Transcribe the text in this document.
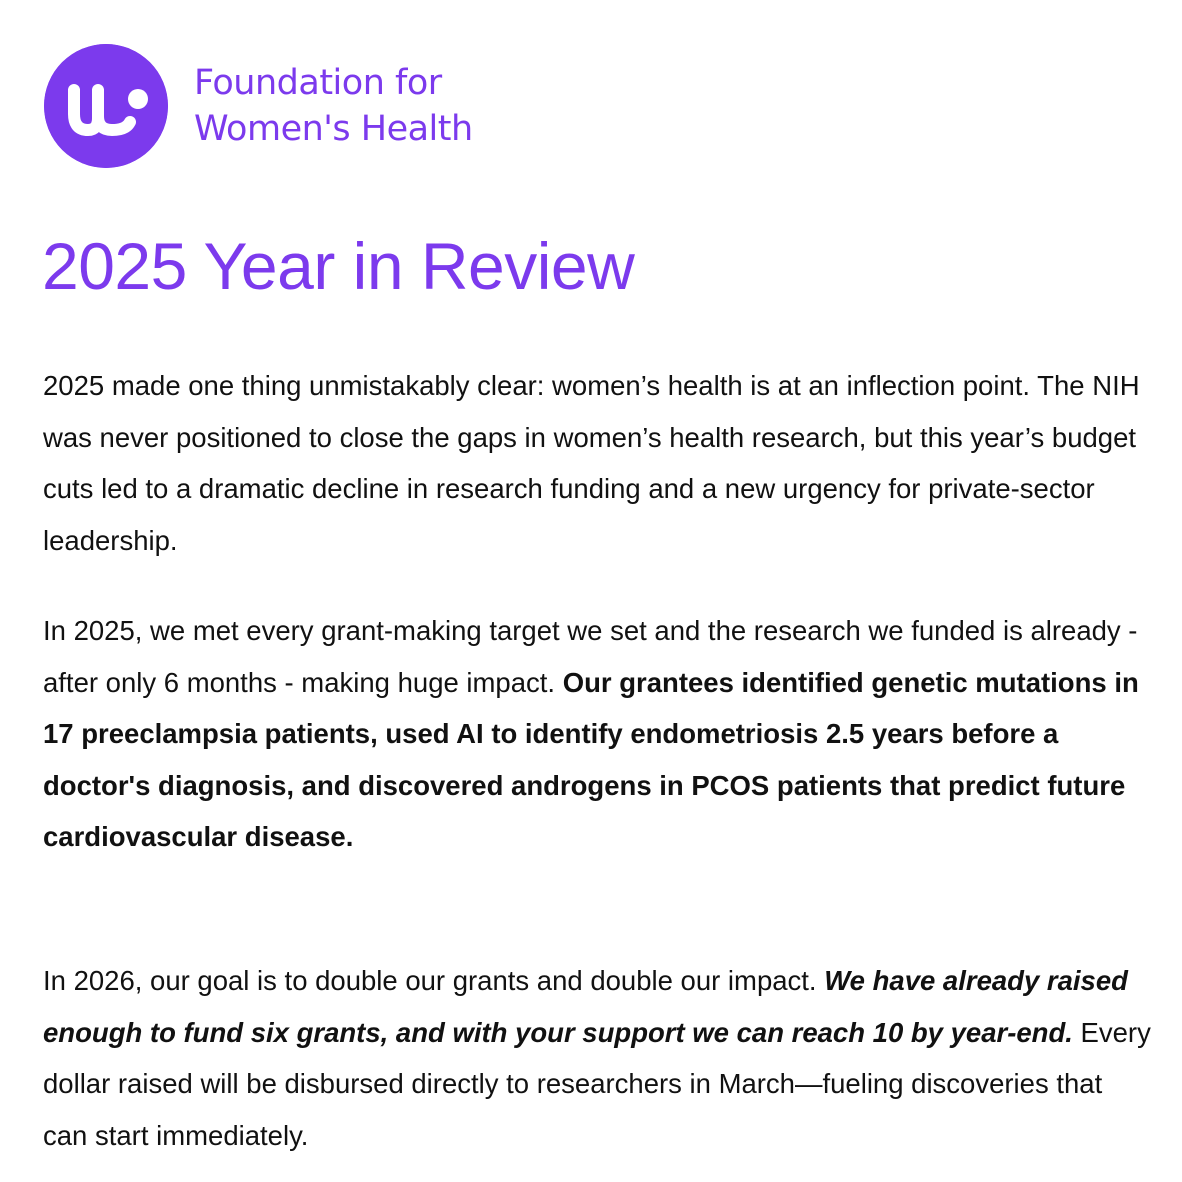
Foundation for
Women's Health
2025 Year in Review

2025 made one thing unmistakably clear: women’s health is at an inflection point. The NIH was never positioned to close the gaps in women’s health research, but this year’s budget cuts led to a dramatic decline in research funding and a new urgency for private-sector leadership.

In 2025, we met every grant-making target we set and the research we funded is already - after only 6 months - making huge impact. Our grantees identified genetic mutations in 17 preeclampsia patients, used AI to identify endometriosis 2.5 years before a doctor's diagnosis, and discovered androgens in PCOS patients that predict future cardiovascular disease.

In 2026, our goal is to double our grants and double our impact. We have already raised enough to fund six grants, and with your support we can reach 10 by year-end. Every dollar raised will be disbursed directly to researchers in March—fueling discoveries that can start immediately.
